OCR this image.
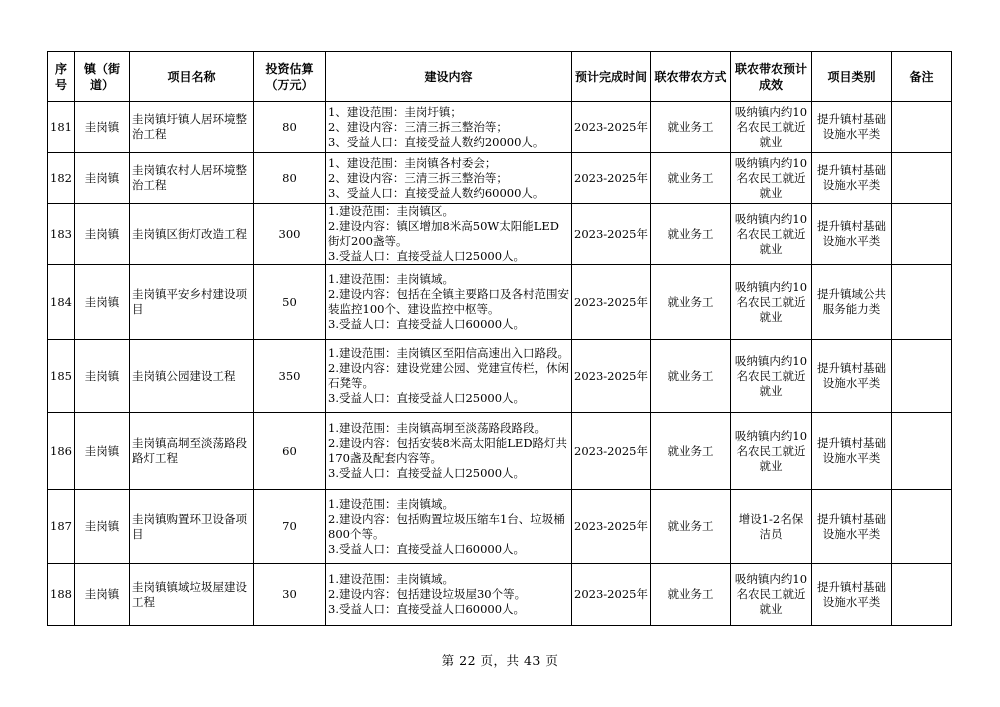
序号	镇（街道）	项目名称	投资估算（万元）	建设内容	预计完成时间	联农带农方式	联农带农预计成效	项目类别	备注
181	圭岗镇	圭岗镇圩镇人居环境整治工程	80	1、建设范围：圭岗圩镇；
2、建设内容：三清三拆三整治等；
3、受益人口：直接受益人数约20000人。	2023-2025年	就业务工	吸纳镇内约10名农民工就近就业	提升镇村基础设施水平类	
182	圭岗镇	圭岗镇农村人居环境整治工程	80	1、建设范围：圭岗镇各村委会；
2、建设内容：三清三拆三整治等；
3、受益人口：直接受益人数约60000人。	2023-2025年	就业务工	吸纳镇内约10名农民工就近就业	提升镇村基础设施水平类	
183	圭岗镇	圭岗镇区街灯改造工程	300	1.建设范围：圭岗镇区。
2.建设内容：镇区增加8米高50W太阳能LED街灯200盏等。
3.受益人口：直接受益人口25000人。	2023-2025年	就业务工	吸纳镇内约10名农民工就近就业	提升镇村基础设施水平类	
184	圭岗镇	圭岗镇平安乡村建设项目	50	1.建设范围：圭岗镇域。
2.建设内容：包括在全镇主要路口及各村范围安装监控100个、建设监控中枢等。
3.受益人口：直接受益人口60000人。	2023-2025年	就业务工	吸纳镇内约10名农民工就近就业	提升镇域公共服务能力类	
185	圭岗镇	圭岗镇公园建设工程	350	1.建设范围：圭岗镇区至阳信高速出入口路段。
2.建设内容：建设党建公园、党建宣传栏，休闲石凳等。
3.受益人口：直接受益人口25000人。	2023-2025年	就业务工	吸纳镇内约10名农民工就近就业	提升镇村基础设施水平类	
186	圭岗镇	圭岗镇高垌至淡荡路段路灯工程	60	1.建设范围：圭岗镇高垌至淡荡路段路段。
2.建设内容：包括安装8米高太阳能LED路灯共170盏及配套内容等。
3.受益人口：直接受益人口25000人。	2023-2025年	就业务工	吸纳镇内约10名农民工就近就业	提升镇村基础设施水平类	
187	圭岗镇	圭岗镇购置环卫设备项目	70	1.建设范围：圭岗镇域。
2.建设内容：包括购置垃圾压缩车1台、垃圾桶800个等。
3.受益人口：直接受益人口60000人。	2023-2025年	就业务工	增设1-2名保洁员	提升镇村基础设施水平类	
188	圭岗镇	圭岗镇镇域垃圾屋建设工程	30	1.建设范围：圭岗镇域。
2.建设内容：包括建设垃圾屋30个等。
3.受益人口：直接受益人口60000人。	2023-2025年	就业务工	吸纳镇内约10名农民工就近就业	提升镇村基础设施水平类	
第 22 页，共 43 页
